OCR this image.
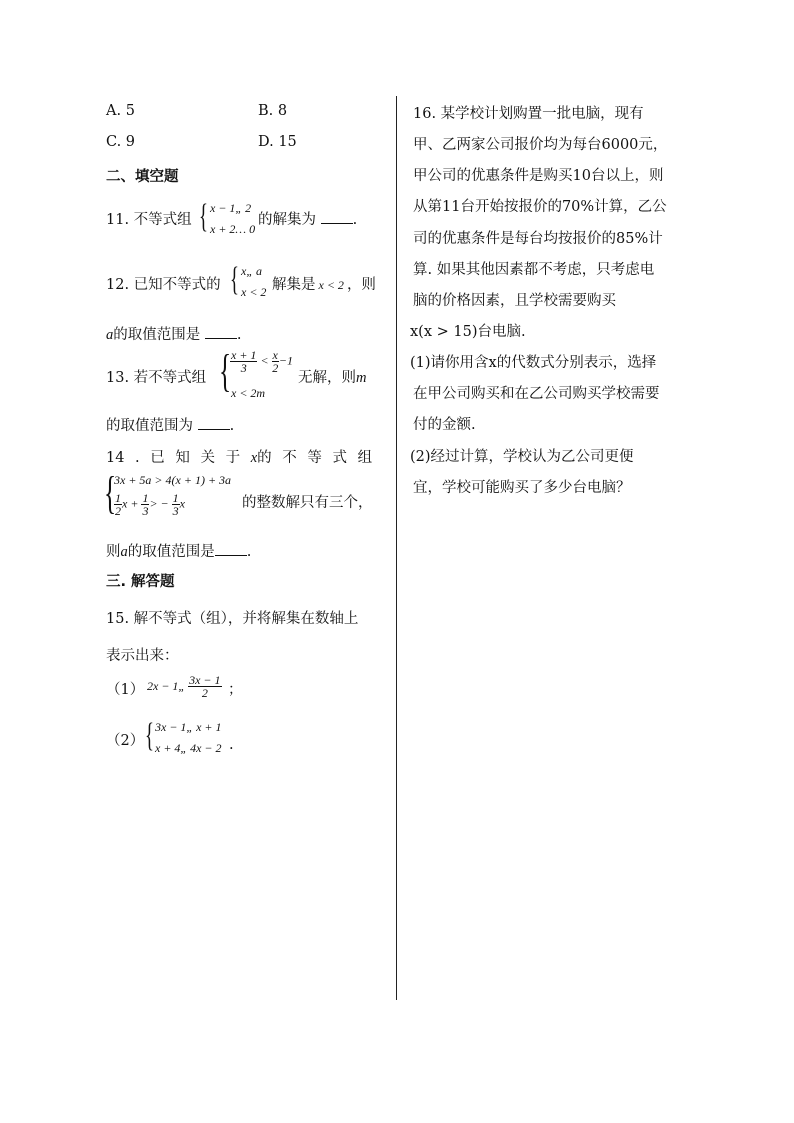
A. 5	B. 8
C. 9	D. 15
二、填空题
11. 不等式组 { x − 1„ 2
x + 2… 0
的解集为	.
12. 已知不等式的 { x„ a
x < 2 解集是 x < 2 ，则
a的取值范围是	.
13. 若不等式组 {
$\frac{x + 1}{3} < \frac{x}{2} -1$
x < 2m
无解，则m
的取值范围为	.
14 . 已 知 关 于 x的 不 等 式 组
{
3x + 5a > 4(x + 1) + 3a
$\frac{1}{2}$ $x + \frac{1}{3}$ > − $\frac{1}{3}$ x	的整数解只有三个，
则a的取值范围是 .
三. 解答题
15. 解不等式（组），并将解集在数轴上
表示出来：
（1） 2x − 1„ $\frac{3x - 1}{2}$ ；
（2） { 3x − 1„ x + 1
x + 4„ 4x − 2 .
16. 某学校计划购置一批电脑，现有
甲、乙两家公司报价均为每台6000元，
甲公司的优惠条件是购买10台以上，则
从第11台开始按报价的70%计算，乙公
司的优惠条件是每台均按报价的85%计
算. 如果其他因素都不考虑，只考虑电
脑的价格因素，且学校需要购买
x(x > 15)台电脑.
(1)请你用含x的代数式分别表示，选择
在甲公司购买和在乙公司购买学校需要
付的金额.
(2)经过计算，学校认为乙公司更便
宜，学校可能购买了多少台电脑？
